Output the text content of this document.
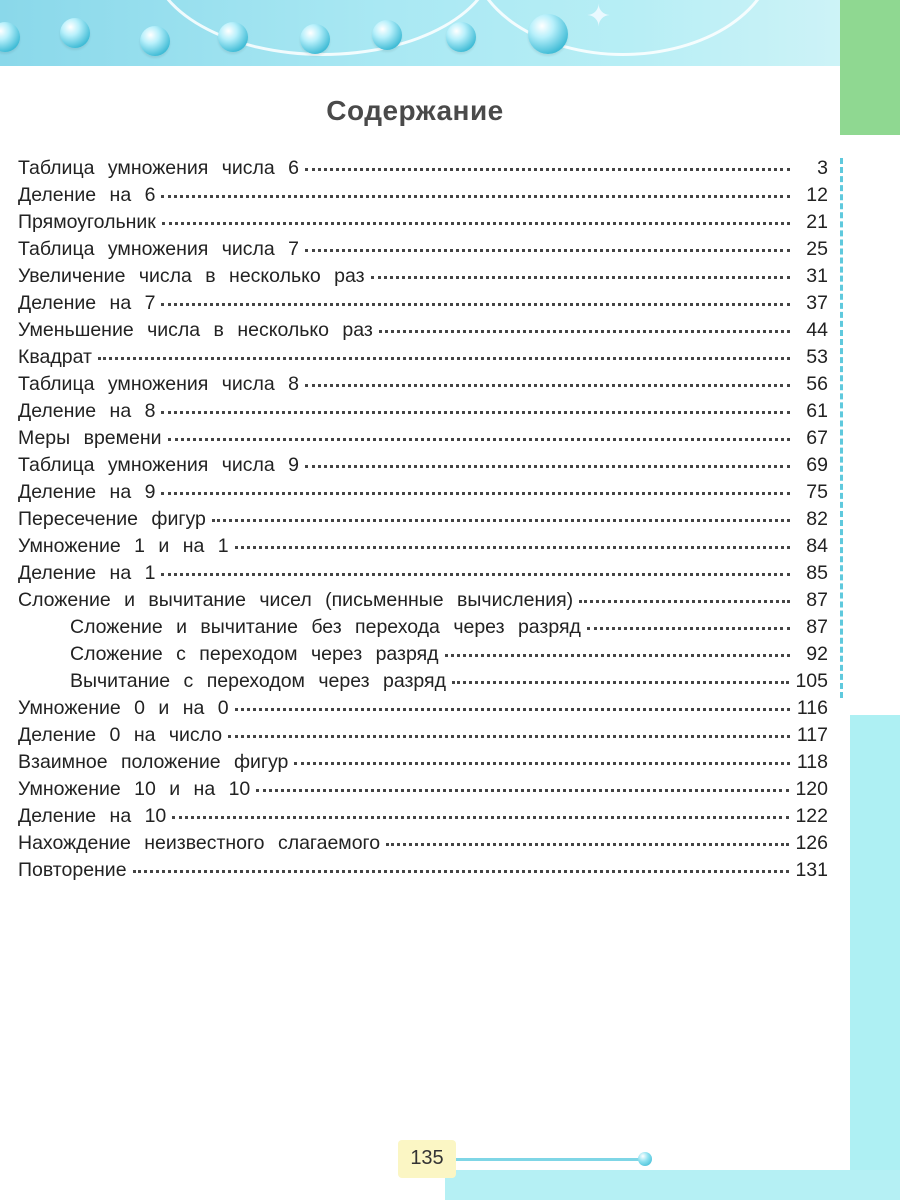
✦
Содержание
Таблица умножения числа 6	3
Деление на 6	12
Прямоугольник	21
Таблица умножения числа 7	25
Увеличение числа в несколько раз	31
Деление на 7	37
Уменьшение числа в несколько раз	44
Квадрат	53
Таблица умножения числа 8	56
Деление на 8	61
Меры времени	67
Таблица умножения числа 9	69
Деление на 9	75
Пересечение фигур	82
Умножение 1 и на 1	84
Деление на 1	85
Сложение и вычитание чисел (письменные вычисления)	87
Сложение и вычитание без перехода через разряд	87
Сложение с переходом через разряд	92
Вычитание с переходом через разряд	105
Умножение 0 и на 0	116
Деление 0 на число	117
Взаимное положение фигур	118
Умножение 10 и на 10	120
Деление на 10	122
Нахождение неизвестного слагаемого	126
Повторение	131
135
